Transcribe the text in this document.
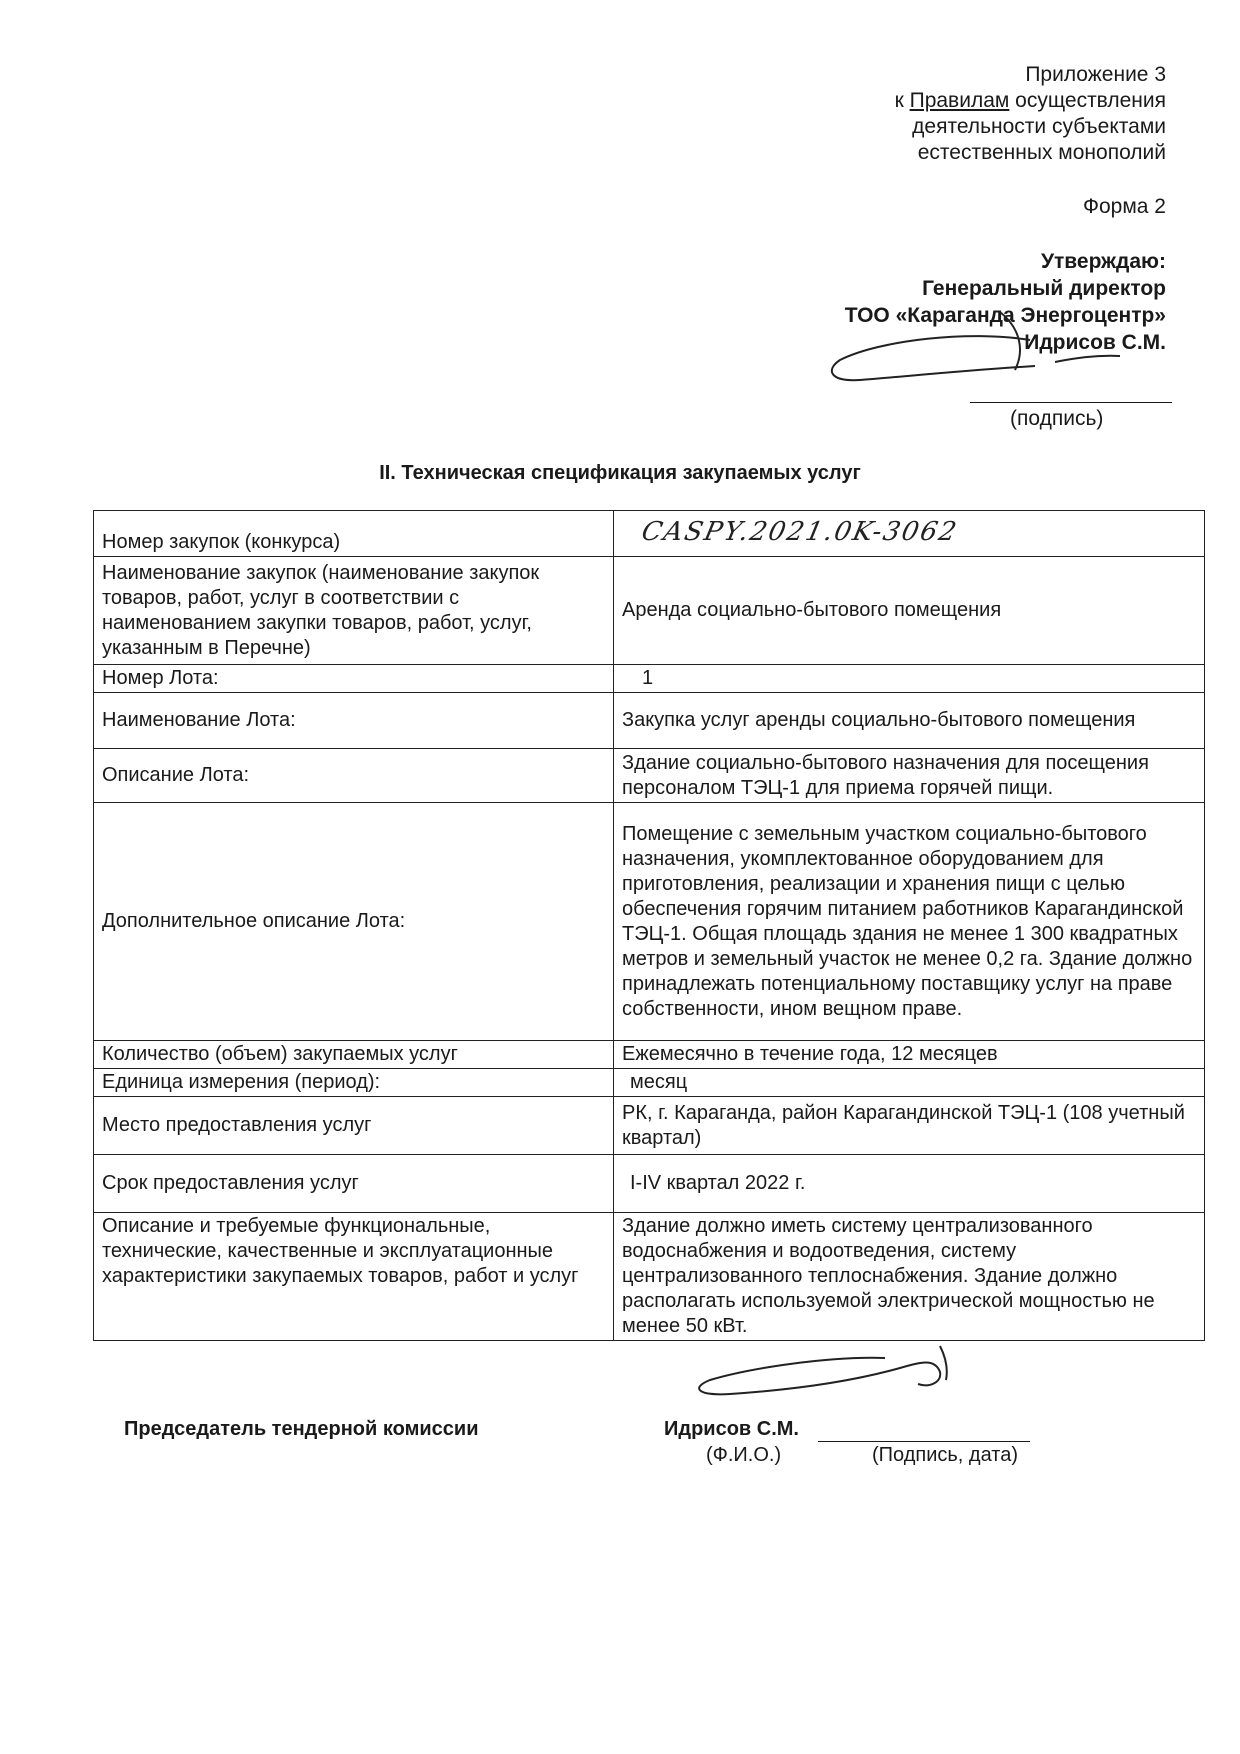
Приложение 3
к Правилам осуществления
деятельности субъектами
естественных монополий
Форма 2
Утверждаю:
Генеральный директор
ТОО «Караганда Энергоцентр»
Идрисов С.М.
(подпись)
II. Техническая спецификация закупаемых услуг
Номер закупок (конкурса)	CASPY.2021.0K-3062
Наименование закупок (наименование закупок товаров, работ, услуг в соответствии с наименованием закупки товаров, работ, услуг, указанным в Перечне)	Аренда социально-бытового помещения
Номер Лота:	1
Наименование Лота:	Закупка услуг аренды социально-бытового помещения
Описание Лота:	Здание социально-бытового назначения для посещения персоналом ТЭЦ-1 для приема горячей пищи.
Дополнительное описание Лота:	Помещение с земельным участком социально-бытового назначения, укомплектованное оборудованием для приготовления, реализации и хранения пищи с целью обеспечения горячим питанием работников Карагандинской ТЭЦ-1. Общая площадь здания не менее 1 300 квадратных метров и земельный участок не менее 0,2 га. Здание должно принадлежать потенциальному поставщику услуг на праве собственности, ином вещном праве.
Количество (объем) закупаемых услуг	Ежемесячно в течение года, 12 месяцев
Единица измерения (период):	месяц
Место предоставления услуг	РК, г. Караганда, район Карагандинской ТЭЦ-1 (108 учетный квартал)
Срок предоставления услуг	I-IV квартал 2022 г.
Описание и требуемые функциональные, технические, качественные и эксплуатационные характеристики закупаемых товаров, работ и услуг	Здание должно иметь систему централизованного водоснабжения и водоотведения, систему централизованного теплоснабжения. Здание должно располагать используемой электрической мощностью не менее 50 кВт.
Председатель тендерной комиссии	Идрисов С.М.
(Ф.И.О.)	(Подпись, дата)
